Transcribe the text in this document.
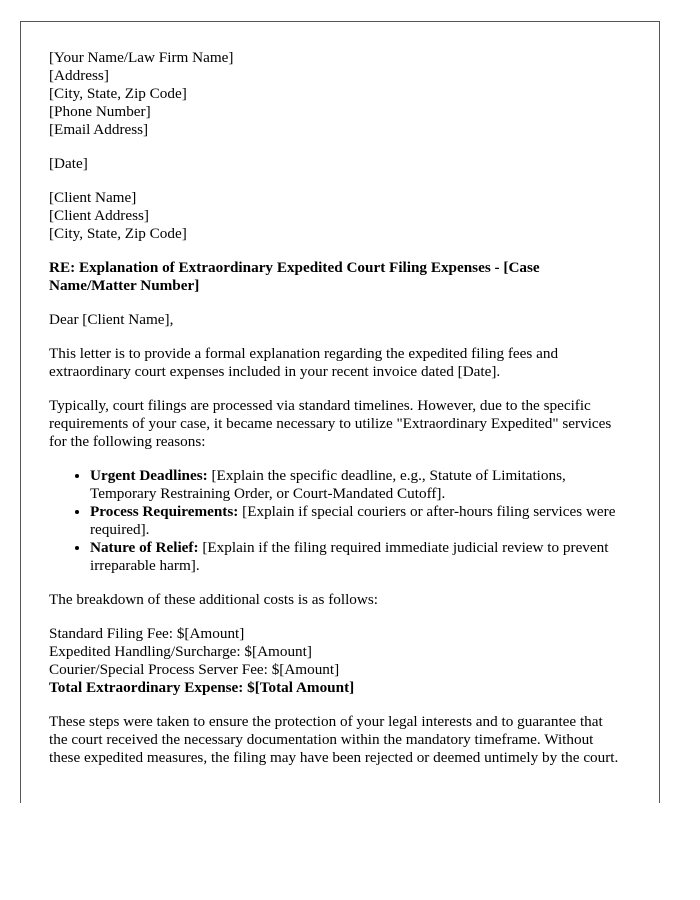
[Your Name/Law Firm Name]
[Address]
[City, State, Zip Code]
[Phone Number]
[Email Address]
[Date]
[Client Name]
[Client Address]
[City, State, Zip Code]

RE: Explanation of Extraordinary Expedited Court Filing Expenses - [Case Name/Matter Number]

Dear [Client Name],

This letter is to provide a formal explanation regarding the expedited filing fees and extraordinary court expenses included in your recent invoice dated [Date].

Typically, court filings are processed via standard timelines. However, due to the specific requirements of your case, it became necessary to utilize "Extraordinary Expedited" services for the following reasons:

• Urgent Deadlines: [Explain the specific deadline, e.g., Statute of Limitations, Temporary Restraining Order, or Court-Mandated Cutoff].
• Process Requirements: [Explain if special couriers or after-hours filing services were required].
• Nature of Relief: [Explain if the filing required immediate judicial review to prevent irreparable harm].

The breakdown of these additional costs is as follows:

Standard Filing Fee: $[Amount]
Expedited Handling/Surcharge: $[Amount]
Courier/Special Process Server Fee: $[Amount]
Total Extraordinary Expense: $[Total Amount]

These steps were taken to ensure the protection of your legal interests and to guarantee that the court received the necessary documentation within the mandatory timeframe. Without these expedited measures, the filing may have been rejected or deemed untimely by the court.
